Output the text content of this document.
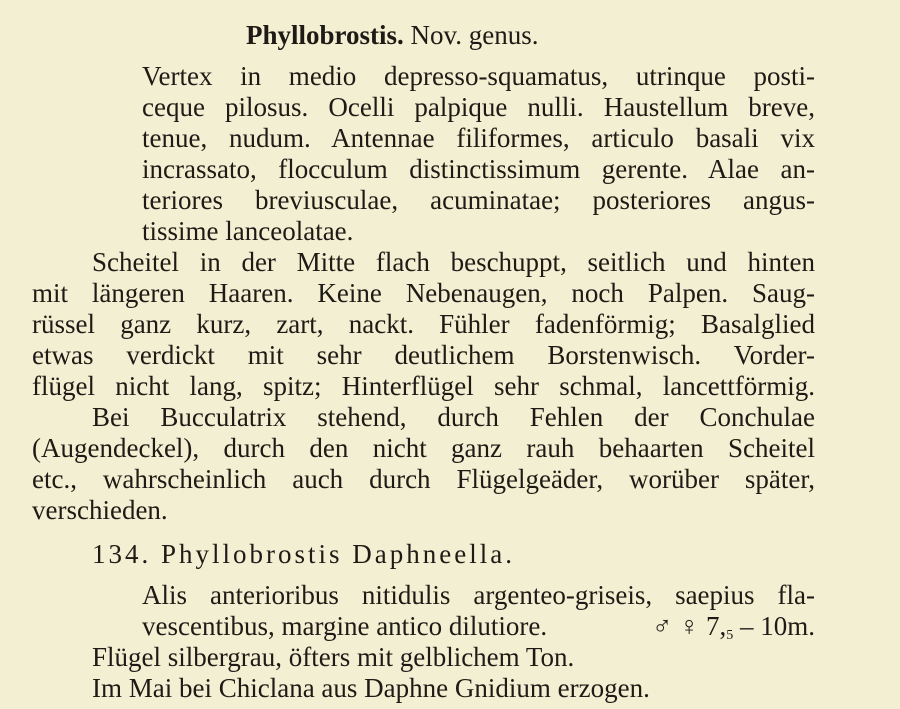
Phyllobrostis. Nov. genus.
Vertex in medio depresso-squamatus, utrinque posti-
ceque pilosus. Ocelli palpique nulli. Haustellum breve,
tenue, nudum. Antennae filiformes, articulo basali vix
incrassato, flocculum distinctissimum gerente. Alae an-
teriores breviusculae, acuminatae; posteriores angus-
tissime lanceolatae.
Scheitel in der Mitte flach beschuppt, seitlich und hinten
mit längeren Haaren. Keine Nebenaugen, noch Palpen. Saug-
rüssel ganz kurz, zart, nackt. Fühler fadenförmig; Basalglied
etwas verdickt mit sehr deutlichem Borstenwisch. Vorder-
flügel nicht lang, spitz; Hinterflügel sehr schmal, lancettförmig.
Bei Bucculatrix stehend, durch Fehlen der Conchulae
(Augendeckel), durch den nicht ganz rauh behaarten Scheitel
etc., wahrscheinlich auch durch Flügelgeäder, worüber später,
verschieden.
134. Phyllobrostis Daphneella.
Alis anterioribus nitidulis argenteo-griseis, saepius fla-
vescentibus, margine antico dilutiore.	♂ ♀ $7,_5 - 10m$.
Flügel silbergrau, öfters mit gelblichem Ton.
Im Mai bei Chiclana aus Daphne Gnidium erzogen.
